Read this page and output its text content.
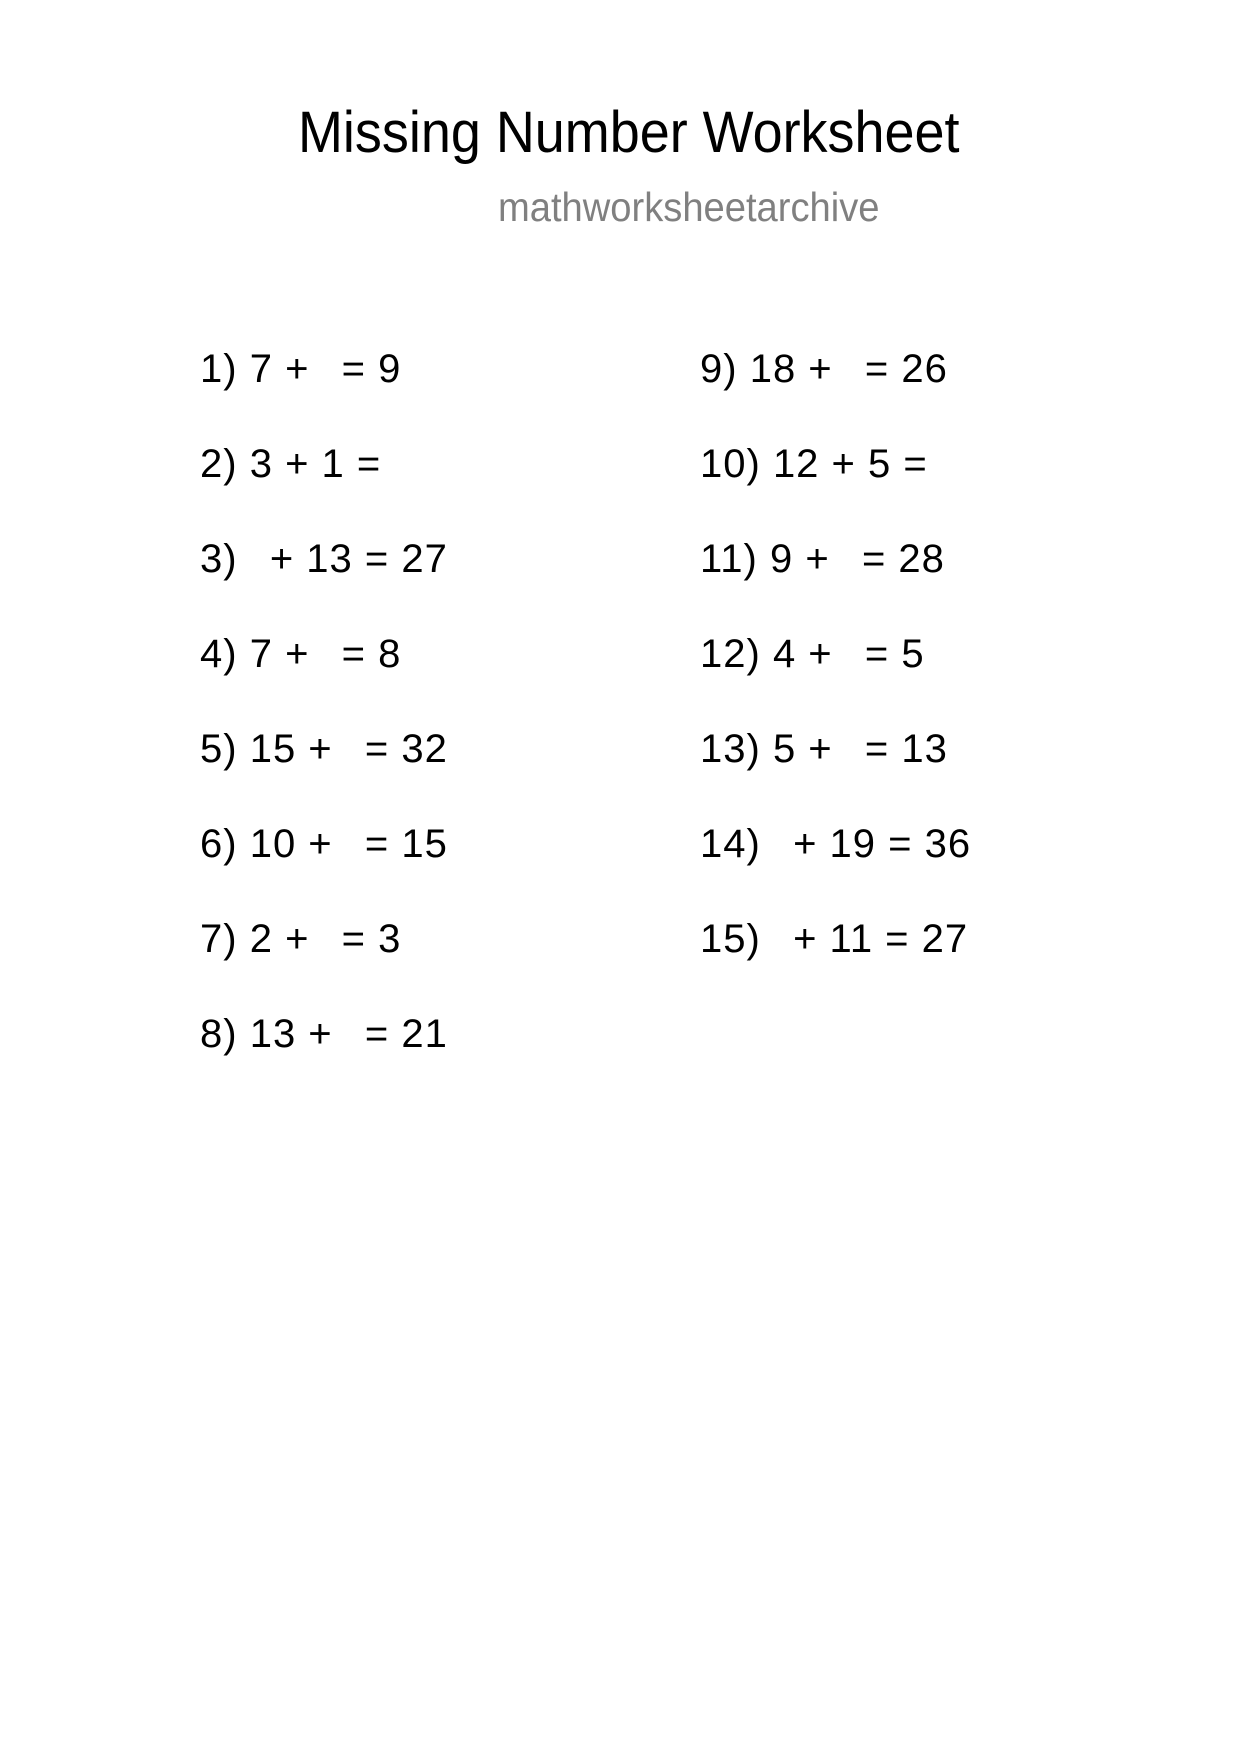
Missing Number Worksheet
mathworksheetarchive
1) 7 + = 9
2) 3 + 1 =
3) + 13 = 27
4) 7 + = 8
5) 15 + = 32
6) 10 + = 15
7) 2 + = 3
8) 13 + = 21
9) 18 + = 26
10) 12 + 5 =
11) 9 + = 28
12) 4 + = 5
13) 5 + = 13
14) + 19 = 36
15) + 11 = 27
